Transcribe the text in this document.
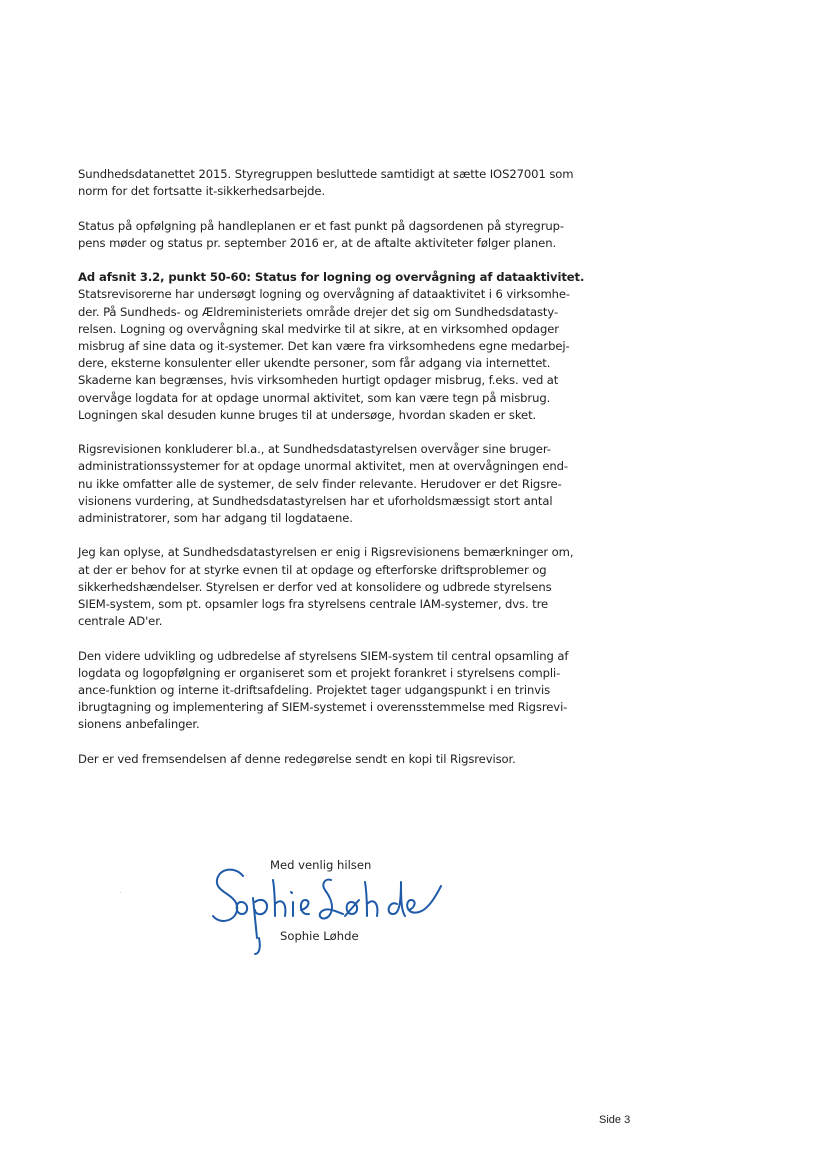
Sundhedsdatanettet 2015. Styregruppen besluttede samtidigt at sætte IOS27001 som
norm for det fortsatte it-sikkerhedsarbejde.
Status på opfølgning på handleplanen er et fast punkt på dagsordenen på styregrup-
pens møder og status pr. september 2016 er, at de aftalte aktiviteter følger planen.
Ad afsnit 3.2, punkt 50-60: Status for logning og overvågning af dataaktivitet.
Statsrevisorerne har undersøgt logning og overvågning af dataaktivitet i 6 virksomhe-
der. På Sundheds- og Ældreministeriets område drejer det sig om Sundhedsdatasty-
relsen. Logning og overvågning skal medvirke til at sikre, at en virksomhed opdager
misbrug af sine data og it-systemer. Det kan være fra virksomhedens egne medarbej-
dere, eksterne konsulenter eller ukendte personer, som får adgang via internettet.
Skaderne kan begrænses, hvis virksomheden hurtigt opdager misbrug, f.eks. ved at
overvåge logdata for at opdage unormal aktivitet, som kan være tegn på misbrug.
Logningen skal desuden kunne bruges til at undersøge, hvordan skaden er sket.
Rigsrevisionen konkluderer bl.a., at Sundhedsdatastyrelsen overvåger sine bruger-
administrationssystemer for at opdage unormal aktivitet, men at overvågningen end-
nu ikke omfatter alle de systemer, de selv finder relevante. Herudover er det Rigsre-
visionens vurdering, at Sundhedsdatastyrelsen har et uforholdsmæssigt stort antal
administratorer, som har adgang til logdataene.
Jeg kan oplyse, at Sundhedsdatastyrelsen er enig i Rigsrevisionens bemærkninger om,
at der er behov for at styrke evnen til at opdage og efterforske driftsproblemer og
sikkerhedshændelser. Styrelsen er derfor ved at konsolidere og udbrede styrelsens
SIEM-system, som pt. opsamler logs fra styrelsens centrale IAM-systemer, dvs. tre
centrale AD'er.
Den videre udvikling og udbredelse af styrelsens SIEM-system til central opsamling af
logdata og logopfølgning er organiseret som et projekt forankret i styrelsens compli-
ance-funktion og interne it-driftsafdeling. Projektet tager udgangspunkt i en trinvis
ibrugtagning og implementering af SIEM-systemet i overensstemmelse med Rigsrevi-
sionens anbefalinger.
Der er ved fremsendelsen af denne redegørelse sendt en kopi til Rigsrevisor.
Med venlig hilsen
Sophie Løhde
Side 3
